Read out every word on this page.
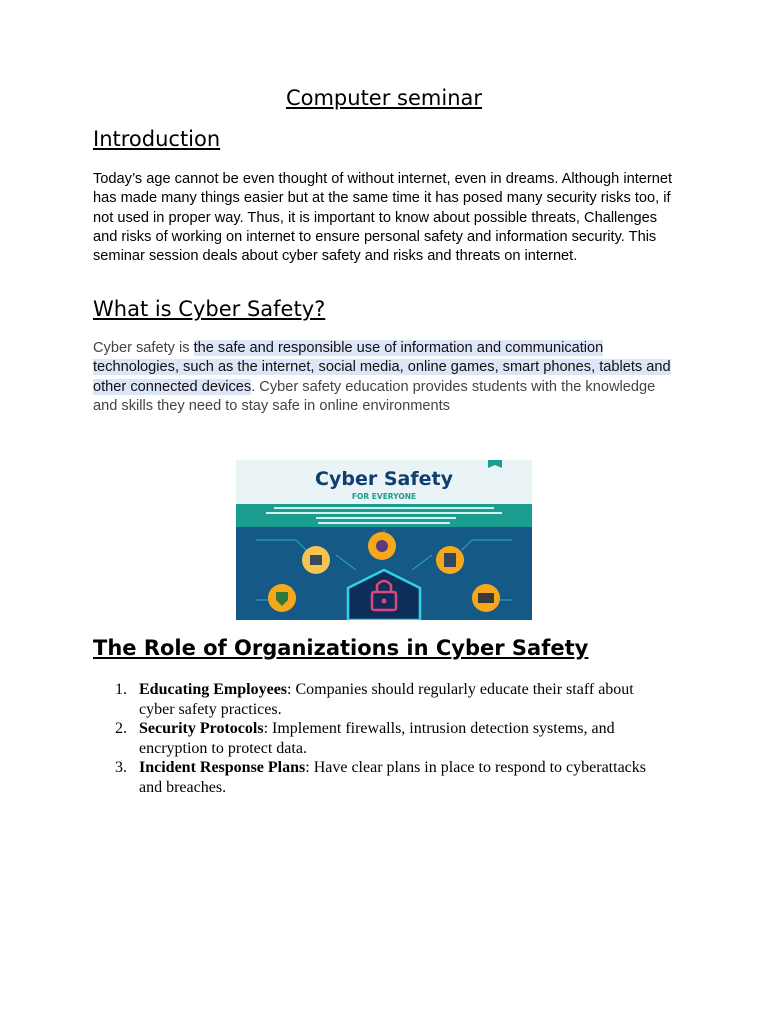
Computer seminar
Introduction

Today’s age cannot be even thought of without internet, even in dreams. Although internet has made many things easier but at the same time it has posed many security risks too, if not used in proper way. Thus, it is important to know about possible threats, Challenges and risks of working on internet to ensure personal safety and information security. This seminar session deals about cyber safety and risks and threats on internet.

What is Cyber Safety?

Cyber safety is the safe and responsible use of information and communication technologies, such as the internet, social media, online games, smart phones, tablets and other connected devices. Cyber safety education provides students with the knowledge and skills they need to stay safe in online environments

Cyber Safety
FOR EVERYONE
The Role of Organizations in Cyber Safety
1. Educating Employees: Companies should regularly educate their staff about cyber safety practices.
2. Security Protocols: Implement firewalls, intrusion detection systems, and encryption to protect data.
3. Incident Response Plans: Have clear plans in place to respond to cyberattacks and breaches.
